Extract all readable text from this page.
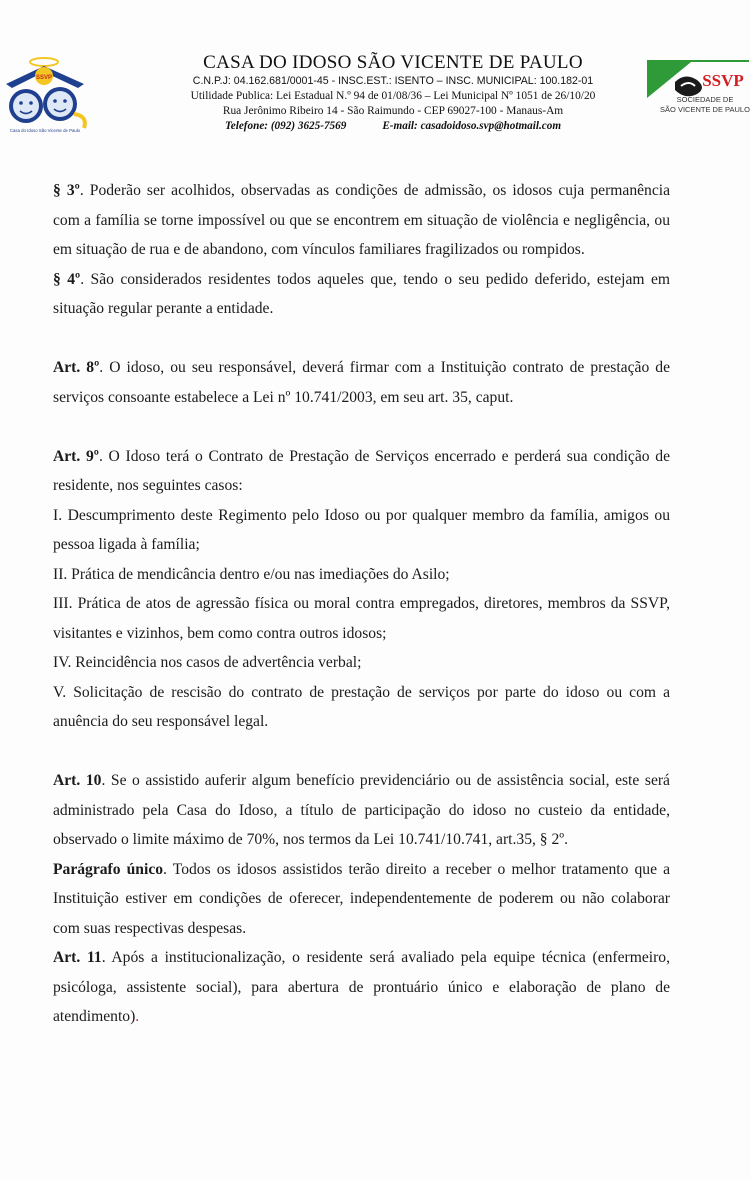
SSVP
Casa do Idoso São Vicente de Paulo
CASA DO IDOSO SÃO VICENTE DE PAULO
C.N.P.J: 04.162.681/0001-45 - INSC.EST.: ISENTO – INSC. MUNICIPAL: 100.182-01
Utilidade Publica: Lei Estadual N.º 94 de 01/08/36 – Lei Municipal Nº 1051 de 26/10/20
Rua Jerônimo Ribeiro 14 - São Raimundo - CEP 69027-100 - Manaus-Am
Telefone: (092) 3625-7569	E-mail: casadoidoso.svp@hotmail.com
SSVP
SOCIEDADE DE
SÃO VICENTE DE PAULO

§ 3º. Poderão ser acolhidos, observadas as condições de admissão, os idosos cuja permanência com a família se torne impossível ou que se encontrem em situação de violência e negligência, ou em situação de rua e de abandono, com vínculos familiares fragilizados ou rompidos.

§ 4º. São considerados residentes todos aqueles que, tendo o seu pedido deferido, estejam em situação regular perante a entidade.

Art. 8º. O idoso, ou seu responsável, deverá firmar com a Instituição contrato de prestação de serviços consoante estabelece a Lei nº 10.741/2003, em seu art. 35, caput.

Art. 9º. O Idoso terá o Contrato de Prestação de Serviços encerrado e perderá sua condição de residente, nos seguintes casos:

I. Descumprimento deste Regimento pelo Idoso ou por qualquer membro da família, amigos ou pessoa ligada à família;

II. Prática de mendicância dentro e/ou nas imediações do Asilo;

III. Prática de atos de agressão física ou moral contra empregados, diretores, membros da SSVP, visitantes e vizinhos, bem como contra outros idosos;

IV. Reincidência nos casos de advertência verbal;

V. Solicitação de rescisão do contrato de prestação de serviços por parte do idoso ou com a anuência do seu responsável legal.

Art. 10. Se o assistido auferir algum benefício previdenciário ou de assistência social, este será administrado pela Casa do Idoso, a título de participação do idoso no custeio da entidade, observado o limite máximo de 70%, nos termos da Lei 10.741/10.741, art.35, § 2º.

Parágrafo único. Todos os idosos assistidos terão direito a receber o melhor tratamento que a Instituição estiver em condições de oferecer, independentemente de poderem ou não colaborar com suas respectivas despesas.

Art. 11. Após a institucionalização, o residente será avaliado pela equipe técnica (enfermeiro, psicóloga, assistente social), para abertura de prontuário único e elaboração de plano de atendimento).
